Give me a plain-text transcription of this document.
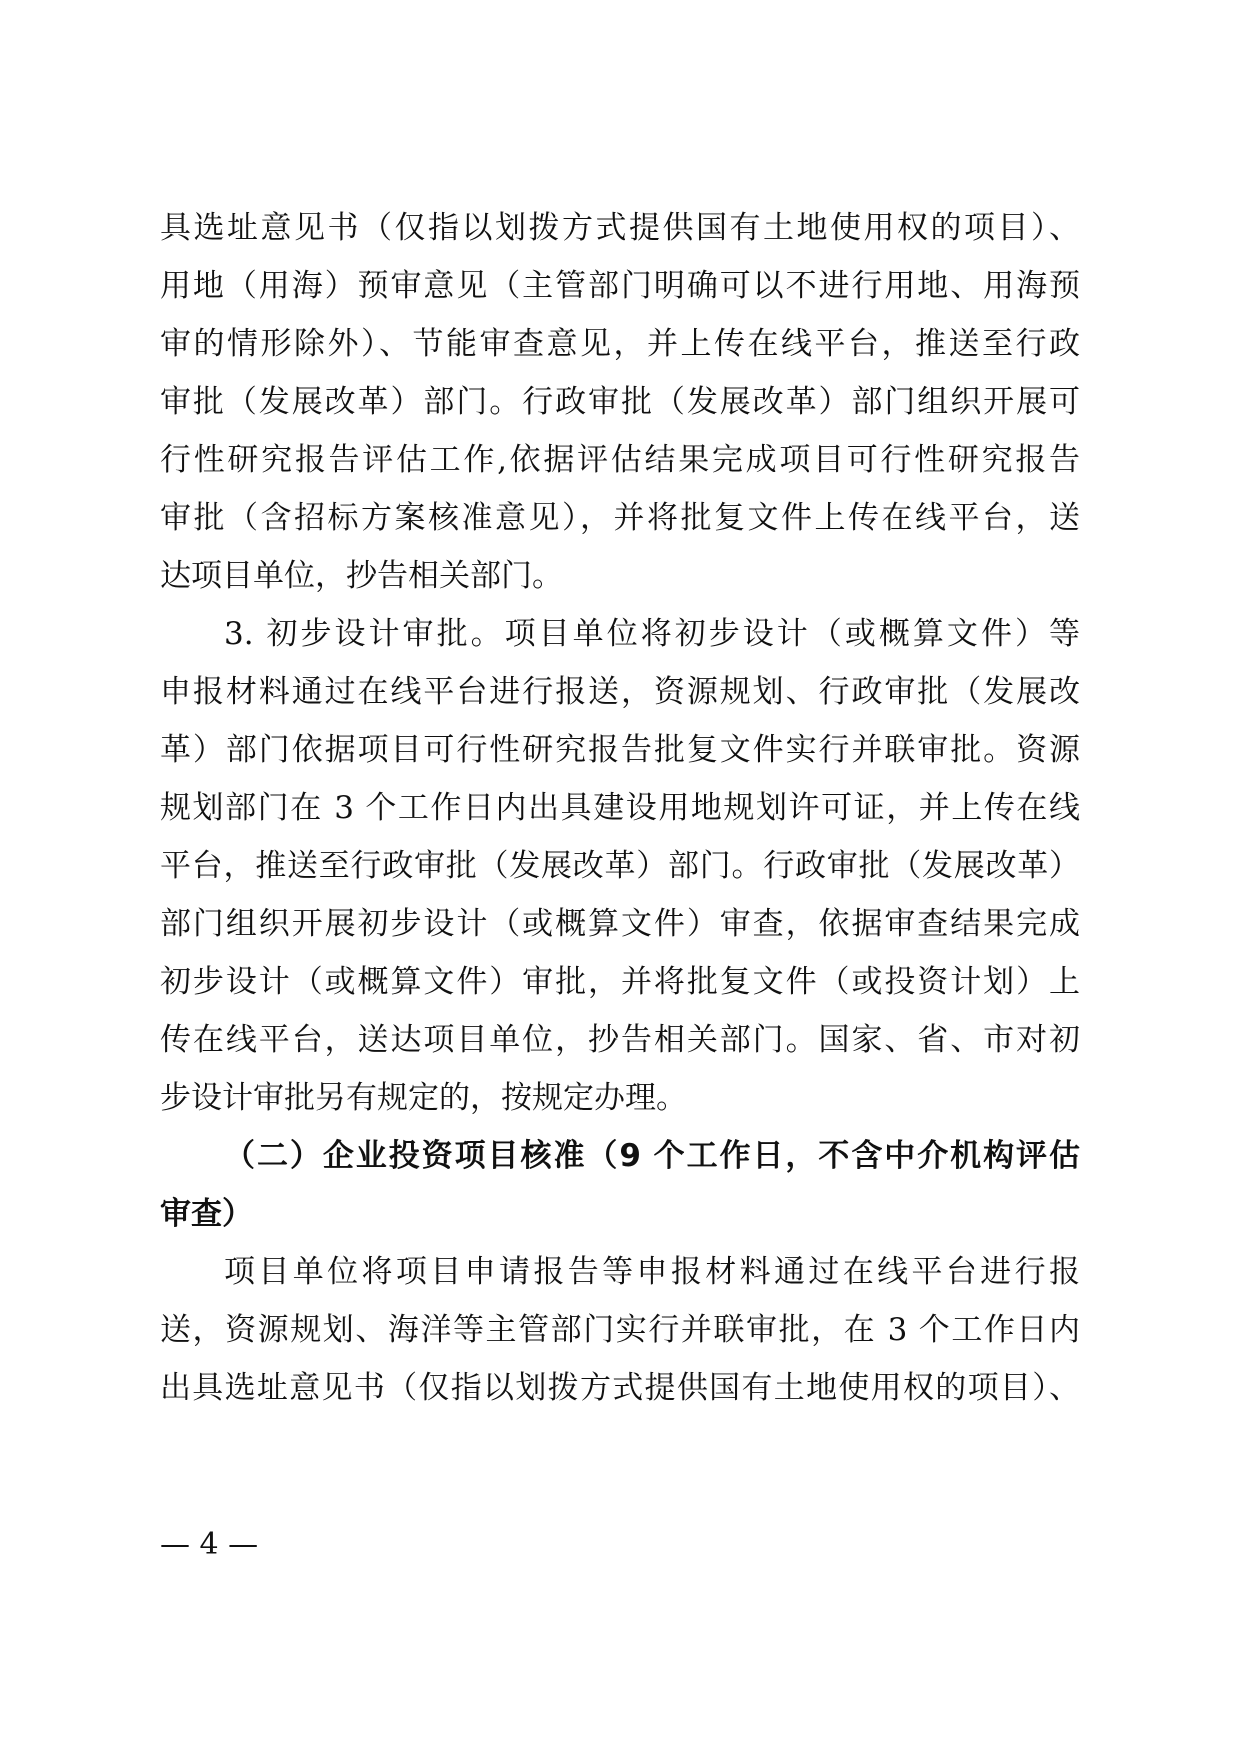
具选址意见书（仅指以划拨方式提供国有土地使用权的项目）、
用地（用海）预审意见（主管部门明确可以不进行用地、用海预
审的情形除外）、节能审查意见，并上传在线平台，推送至行政
审批（发展改革）部门。行政审批（发展改革）部门组织开展可
行性研究报告评估工作,依据评估结果完成项目可行性研究报告
审批（含招标方案核准意见），并将批复文件上传在线平台，送
达项目单位，抄告相关部门。
3. 初步设计审批。项目单位将初步设计（或概算文件）等
申报材料通过在线平台进行报送，资源规划、行政审批（发展改
革）部门依据项目可行性研究报告批复文件实行并联审批。资源
规划部门在 3 个工作日内出具建设用地规划许可证，并上传在线
平台，推送至行政审批（发展改革）部门。行政审批（发展改革）
部门组织开展初步设计（或概算文件）审查，依据审查结果完成
初步设计（或概算文件）审批，并将批复文件（或投资计划）上
传在线平台，送达项目单位，抄告相关部门。国家、省、市对初
步设计审批另有规定的，按规定办理。
（二）企业投资项目核准（9 个工作日，不含中介机构评估
审查）
项目单位将项目申请报告等申报材料通过在线平台进行报
送，资源规划、海洋等主管部门实行并联审批，在 3 个工作日内
出具选址意见书（仅指以划拨方式提供国有土地使用权的项目）、
— 4 —
